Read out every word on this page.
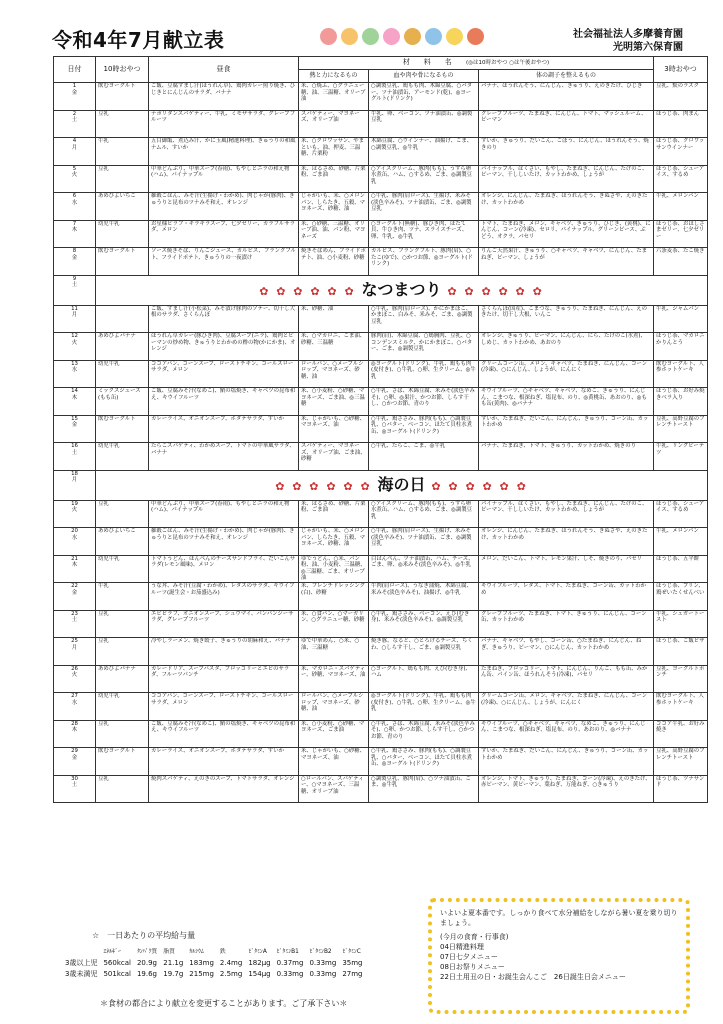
令和4年7月献立表	社会福祉法人多摩養育園
光明第六保育園
日付	10時おやつ	昼食	材　　料　　名 (◎は10時おやつ ○は午後おやつ)			3時おやつ
			熱と力になるもの	血や肉や骨になるもの	体の調子を整えるもの	

1
金	飲むヨーグルト	ご飯、豆腐すまし汁(ほうれん草)、鶏肉カレー照り焼き、ひじきとにんじんのサラダ、バナナ	米、○焼ふ、○グラニュー糖、油、三温糖、オリーブ油	○調製豆乳、鶏もも肉、木綿豆腐、○バター、ツナ油漬缶、アーモンド(乾)、◎ヨーグルト(ドリンク)	バナナ、ほうれんそう、にんじん、きゅうり、えのきたけ、ひじき	豆乳、麩のラスク

2
土	豆乳	ナポリタンスパゲティー、牛乳、ミモザサラダ、グレープフルーツ	スパゲティー、マヨネーズ、オリーブ油	牛乳、卵、ベーコン、ツナ油漬缶、◎調製豆乳	グレープフルーツ、たまねぎ、にんじん、トマト、マッシュルーム、ピーマン	ほうじ茶、肉まん

4
月	牛乳	五目御飯、煮込み汁、かに玉風(精進料理)、きゅうりの和風ナムル、すいか	米、○クロワッサン、やまといも、油、押麦、三温糖、片栗粉	木綿豆腐、○ウインナー、油揚げ、ごま、○調製豆乳、◎牛乳	すいか、きゅうり、だいこん、ごぼう、にんじん、ほうれんそう、焼きのり	ほうじ茶、クロワッサンウインナー

5
火	豆乳	中華どんぶり、中華スープ(春雨)、もやしとニラの和え物(ハム)、パイナップル	米、はるさめ、砂糖、片栗粉、ごま油	○アイスクリーム、豚肉(もも)、うずら卵水煮缶、ハム、○するめ、ごま、◎調製豆乳	パイナップル、はくさい、もやし、たまねぎ、にんじん、たけのこ、ピーマン、干ししいたけ、カットわかめ、しょうが	ほうじ茶、シューアイス、するめ

6
水	あめびよいちご	雑穀ごはん、みそ汁(生揚げ・わかめ)、肉じゃが(豚肉)、きゅうりと昆布のツナみそ和え、オレンジ	じゃがいも、米、○メロンパン、しらたき、五穀、マヨネーズ、砂糖、油	○牛乳、豚肉(肩ロース)、生揚げ、米みそ(淡色辛みそ)、ツナ油漬缶、ごま、◎調製豆乳	オレンジ、にんじん、たまねぎ、ほうれんそう、きぬさや、えのきたけ、カットわかめ	牛乳、メロンパン

7
木	幼児牛乳	お星様ピラフ・キラキラスープ、七夕ゼリー、カラフルサラダ、メロン	米、○砂糖、三温糖、オリーブ油、油、パン粉、マヨネーズ	○ヨーグルト(無糖)、豚ひき肉、ほたて貝、牛ひき肉、ツナ、スライスチーズ、卵、牛乳、◎牛乳	トマト、たまねぎ、メロン、キャベツ、きゅうり、ひじき、(黄桃)、にんじん、コーン(冷凍)、セロリ、パイナップル、グリーンピース、ぶどう、オクラ、パセリ	ほうじ茶、おほしさまゼリー、七夕ゼリー

8
金	飲むヨーグルト	ソース焼きそば、りんごジュース、カルピス、フランクフルト、フライドポテト、きゅうりの一夜漬け	焼きそばめん、フライドポテト、油、○小麦粉、砂糖	カルピス、フランクフルト、豚肉(肩)、○たこ(ゆで)、○かつお節、◎ヨーグルト(ドリンク)	りんご天然果汁、きゅうり、○キャベツ、キャベツ、にんじん、たまねぎ、ピーマン、しょうが	六条麦茶、たこ焼き

9
土	✿ ✿ ✿ ✿ ✿ ✿ なつまつり ✿ ✿ ✿ ✿ ✿ ✿					

11
月		ご飯、すまし汁(小松菜)、みそ漬け豚肉のソテー、切干し大根のサラダ、さくらんぼ	米、砂糖、油	○牛乳、豚肉(肩ロース)、かにかまぼこ、かまぼこ、白みそ、米みそ、ごま、◎調製豆乳	さくらんぼ(国産)、こまつな、きゅうり、たまねぎ、にんじん、えのきたけ、切干し大根、いんこ	牛乳、ジャムパン

12
火	あめびよバナナ	ほうれん草カレー(豚ひき肉)、豆腐スープ(ニラ)、鶏肉とピーマンの炒め物、きゅうりとわかめの酢の物(かにかま)、オレンジ	米、○マカロニ、ごま油、砂糖、三温糖	豚肉(肩)、木綿豆腐、○鶏胸肉、豆乳、○コンデンスミルク、かにかまぼこ、○バター、ごま、◎調製豆乳	オレンジ、きゅうり、ピーマン、にんじん、にら、たけのこ(水煮)、しめじ、カットわかめ、あおのり	ほうじ茶、マカロニかりんとう

13
水	幼児牛乳	ココアパン、コーンスープ、ローストチキン、コールスローサラダ、メロン	ロールパン、○メープルシロップ、マヨネーズ、砂糖、油	◎ヨーグルト(ドリンク)、牛乳、鶏もも肉(皮付き)、○牛乳、○卵、生クリーム、◎牛乳	クリームコーン缶、メロン、キャベツ、たまねぎ、にんじん、コーン(冷凍)、○にんじん、しょうが、にんにく	飲むヨーグルト、人参ホットケーキ

14
木	ミックスジュース(もも缶)	ご飯、豆腐みそ汁(なめこ)、鯖の塩焼き、キャベツの昆布和え、キウイフルーツ	米、○小麦粉、○砂糖、マヨネーズ、ごま油、◎三温糖	○牛乳、さば、木綿豆腐、米みそ(淡色辛みそ)、○卵、◎果汁、かつお節、しらす干し、○かつお節、青のり	キウイフルーツ、○キャベツ、キャベツ、なめこ、きゅうり、にんじん、こまつな、根深ねぎ、塩昆布、のり、◎黄桃缶、あおのり、◎もも缶(黄肉)、◎バナナ	ほうじ茶、お好み焼きベラ入り

15
金	飲むヨーグルト	カレーライス、オニオンスープ、ホタテサラダ、すいか	米、じゃがいも、○砂糖、マヨネーズ、油	○牛乳、鶏ささみ、豚肉(もも)、○調製豆乳、○バター、ベーコン、ほたて貝柱水煮缶、◎ヨーグルト(ドリンク)	すいか、たまねぎ、だいこん、にんじん、きゅうり、コーン缶、カットわかめ	豆乳、高野豆腐のフレンチトースト

16
土	幼児牛乳	たらこスパゲティ、わかめスープ、トマトの中華風サラダ、バナナ	スパゲティー、マヨネーズ、オリーブ油、ごま油、砂糖	○牛乳、たらこ、ごま、◎牛乳	バナナ、たまねぎ、トマト、きゅうり、カットわかめ、焼きのり	牛乳、リングビーテツ

18
月	✿ ✿ ✿ ✿ ✿ ✿ 海の日 ✿ ✿ ✿ ✿ ✿ ✿					

19
火	豆乳	中華どんぶり、中華スープ(春雨)、もやしとニラの和え物(ハム)、パイナップル	米、はるさめ、砂糖、片栗粉、ごま油	○アイスクリーム、豚肉(もも)、うずら卵水煮缶、ハム、○するめ、ごま、◎調製豆乳	パイナップル、はくさい、もやし、たまねぎ、にんじん、たけのこ、ピーマン、干ししいたけ、カットわかめ、しょうが	ほうじ茶、シューアイス、するめ

20
水	あめびよいちご	雑穀ごはん、みそ汁(生揚げ・わかめ)、肉じゃが(豚肉)、きゅうりと昆布のツナみそ和え、オレンジ	じゃがいも、米、○メロンパン、しらたき、五穀、マヨネーズ、砂糖、油	○牛乳、豚肉(肩ロース)、生揚げ、米みそ(淡色辛みそ)、ツナ油漬缶、ごま、◎調製豆乳	オレンジ、にんじん、たまねぎ、ほうれんそう、きぬさや、えのきたけ、カットわかめ	牛乳、メロンパン

21
木	幼児牛乳	トマトうどん、ほんぺんのチーズサンドフライ、だいこんサラダ(レモン風味)、メロン	ゆでうどん、○米、パン粉、油、小麦粉、三温糖、◎三温糖、ごま、オリーブ油	白はんぺん、ツナ油漬缶、ハム、チーズ、ごま、卵、◎米みそ(淡色辛みそ)、◎牛乳	メロン、だいこん、トマト、レモン果汁、しそ、焼きのり、パセリ	ほうじ茶、五平餅

22
金	牛乳	うな丼、みそ汁(豆腐・わかめ)、レタスのサラダ、キウイフルーツ(誕生会・お茄盛込み)	米、フレンチドレッシング(白)、砂糖	牛肉(肩ロース)、うなぎ蒲焼、木綿豆腐、米みそ(淡色辛みそ)、油揚げ、◎牛乳	キウイフルーツ、レタス、トマト、たまねぎ、コーン缶、カットわかめ	ほうじ茶、プリン、鶏ぜいたくせんべい

23
土	豆乳	エビピラフ、オニオンスープ、シュウマイ、パンパンジーサラダ、グレープフルーツ	米、○食パン、○マーガリン、○グラニュー糖、砂糖	○牛乳、鶏ささみ、ベーコン、えび(むき身)、米みそ(淡色辛みそ)、◎調製豆乳	グレープフルーツ、たまねぎ、トマト、きゅうり、にんじん、コーン缶、カットわかめ	牛乳、シュガートースト

25
月	豆乳	冷やしラーメン、焼き餃子、きゅうりの胡麻和え、バナナ	ゆで中華めん、○米、○油、三温糖	焼き豚、なると、○とろけるチーズ、ちくわ、○しらす干し、ごま、◎調製豆乳	バナナ、キャベツ、もやし、コーン缶、○たまねぎ、にんじん、ねぎ、きゅうり、ピーマン、○にんじん、カットわかめ	ほうじ茶、ご飯ピザ

26
火	あめびよバナナ	カレードリア、スープパスタ、ブロッコリーとエビのサラダ、フルーツパンチ	米、マカロニ・スパゲティー、砂糖、マヨネーズ、油	○ヨーグルト、鶏もも肉、えび(むき身)、ハム	たまねぎ、ブロッコリー、トマト、にんじん、りんご、もも缶、みかん缶、パイン缶、ほうれんそう(冷凍)、パセリ	豆乳、ヨーグルトポンチ

27
水	幼児牛乳	ココアパン、コーンスープ、ローストチキン、コールスローサラダ、メロン	ロールパン、○メープルシロップ、マヨネーズ、砂糖、油	◎ヨーグルト(ドリンク)、牛乳、鶏もも肉(皮付き)、○牛乳、○卵、生クリーム、◎牛乳	クリームコーン缶、メロン、キャベツ、たまねぎ、にんじん、コーン(冷凍)、○にんじん、しょうが、にんにく	飲むヨーグルト、人参ホットケーキ

28
木	豆乳	ご飯、豆腐みそ汁(なめこ)、鯖の塩焼き、キャベツの昆布和え、キウイフルーツ	米、○小麦粉、○砂糖、マヨネーズ、ごま油	○牛乳、さば、木綿豆腐、米みそ(淡色辛みそ)、○卵、かつお節、しらす干し、○かつお節、青のり	キウイフルーツ、○キャベツ、キャベツ、なめこ、きゅうり、にんじん、こまつな、根深ねぎ、塩昆布、のり、あおのり、◎バナナ	ココア牛乳、お好み焼き

29
金	飲むヨーグルト	カレーライス、オニオンスープ、ホタテサラダ、すいか	米、じゃがいも、○砂糖、マヨネーズ、油	○牛乳、鶏ささみ、豚肉(もも)、○調製豆乳、○バター、ベーコン、ほたて貝柱水煮缶、◎ヨーグルト(ドリンク)	すいか、たまねぎ、だいこん、にんじん、きゅうり、コーン缶、カットわかめ	豆乳、高野豆腐のフレンチトースト

30
土	豆乳	焼肉スパゲティ、えのきのスープ、トマトサラダ、オレンジ	○ロールパン、スパゲティー、○マヨネーズ、三温糖、オリーブ油	○調製豆乳、豚肉(肩)、○ツナ油漬缶、ごま、◎牛乳	オレンジ、トマト、きゅうり、たまねぎ、コーン(冷凍)、えのきたけ、赤ピーマン、黄ピーマン、葉ねぎ、万能ねぎ、○きゅうり	ほうじ茶、ツナサンド
☆　一日あたりの平均給与量
	ｴﾈﾙｷﾞｰ	ﾀﾝﾊﾟｸ質	脂質	ｶﾙｼｳﾑ	鉄	ﾋﾞﾀﾐﾝA	ﾋﾞﾀﾐﾝB1	ﾋﾞﾀﾐﾝB2	ﾋﾞﾀﾐﾝC
3歳以上児	560kcal	20.9g	21.1g	183mg	2.4mg	182μg	0.37mg	0.33mg	35mg
3歳未満児	501kcal	19.6g	19.7g	215mg	2.5mg	154μg	0.33mg	0.33mg	27mg
＊食材の都合により献立を変更することがあります。ご了承下さい＊
いよいよ夏本番です。しっかり食べて水分補給をしながら暑い夏を乗り切りましょう。
(今月の食育・行事食)
04日精進料理
07日七夕メニュー
08日お祭りメニュー
22日土用丑の日・お誕生会んこご　26日誕生日会メニュー
